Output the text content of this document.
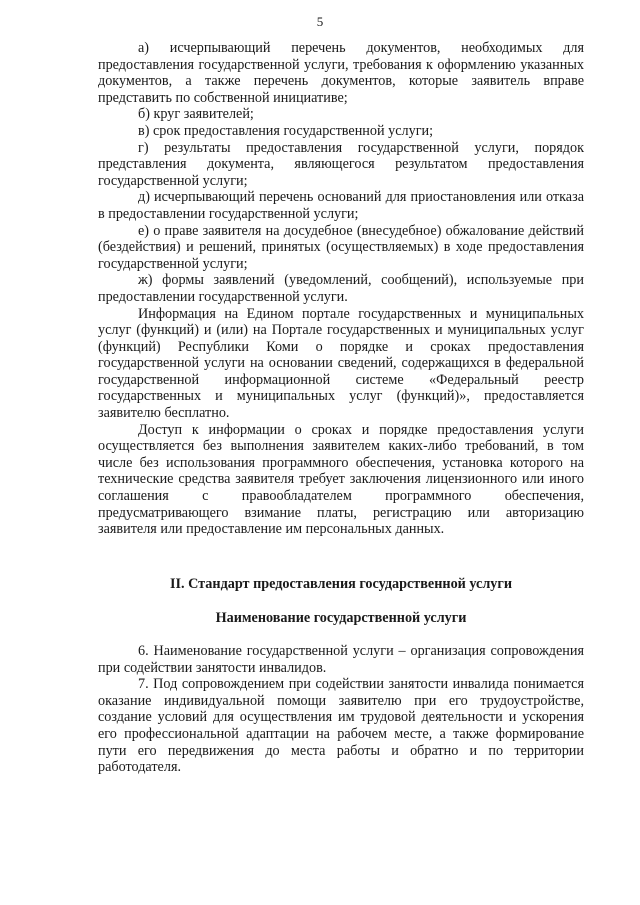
5

а) исчерпывающий перечень документов, необходимых для предоставления государственной услуги, требования к оформлению указанных документов, а также перечень документов, которые заявитель вправе представить по собственной инициативе;

б) круг заявителей;

в) срок предоставления государственной услуги;

г) результаты предоставления государственной услуги, порядок представления документа, являющегося результатом предоставления государственной услуги;

д) исчерпывающий перечень оснований для приостановления или отказа в предоставлении государственной услуги;

е) о праве заявителя на досудебное (внесудебное) обжалование действий (бездействия) и решений, принятых (осуществляемых) в ходе предоставления государственной услуги;

ж) формы заявлений (уведомлений, сообщений), используемые при предоставлении государственной услуги.

Информация на Едином портале государственных и муниципальных услуг (функций) и (или) на Портале государственных и муниципальных услуг (функций) Республики Коми о порядке и сроках предоставления государственной услуги на основании сведений, содержащихся в федеральной государственной информационной системе «Федеральный реестр государственных и муниципальных услуг (функций)», предоставляется заявителю бесплатно.

Доступ к информации о сроках и порядке предоставления услуги осуществляется без выполнения заявителем каких-либо требований, в том числе без использования программного обеспечения, установка которого на технические средства заявителя требует заключения лицензионного или иного соглашения с правообладателем программного обеспечения, предусматривающего взимание платы, регистрацию или авторизацию заявителя или предоставление им персональных данных.

II. Стандарт предоставления государственной услуги
Наименование государственной услуги

6. Наименование государственной услуги – организация сопровождения при содействии занятости инвалидов.

7. Под сопровождением при содействии занятости инвалида понимается оказание индивидуальной помощи заявителю при его трудоустройстве, создание условий для осуществления им трудовой деятельности и ускорения его профессиональной адаптации на рабочем месте, а также формирование пути его передвижения до места работы и обратно и по территории работодателя.
